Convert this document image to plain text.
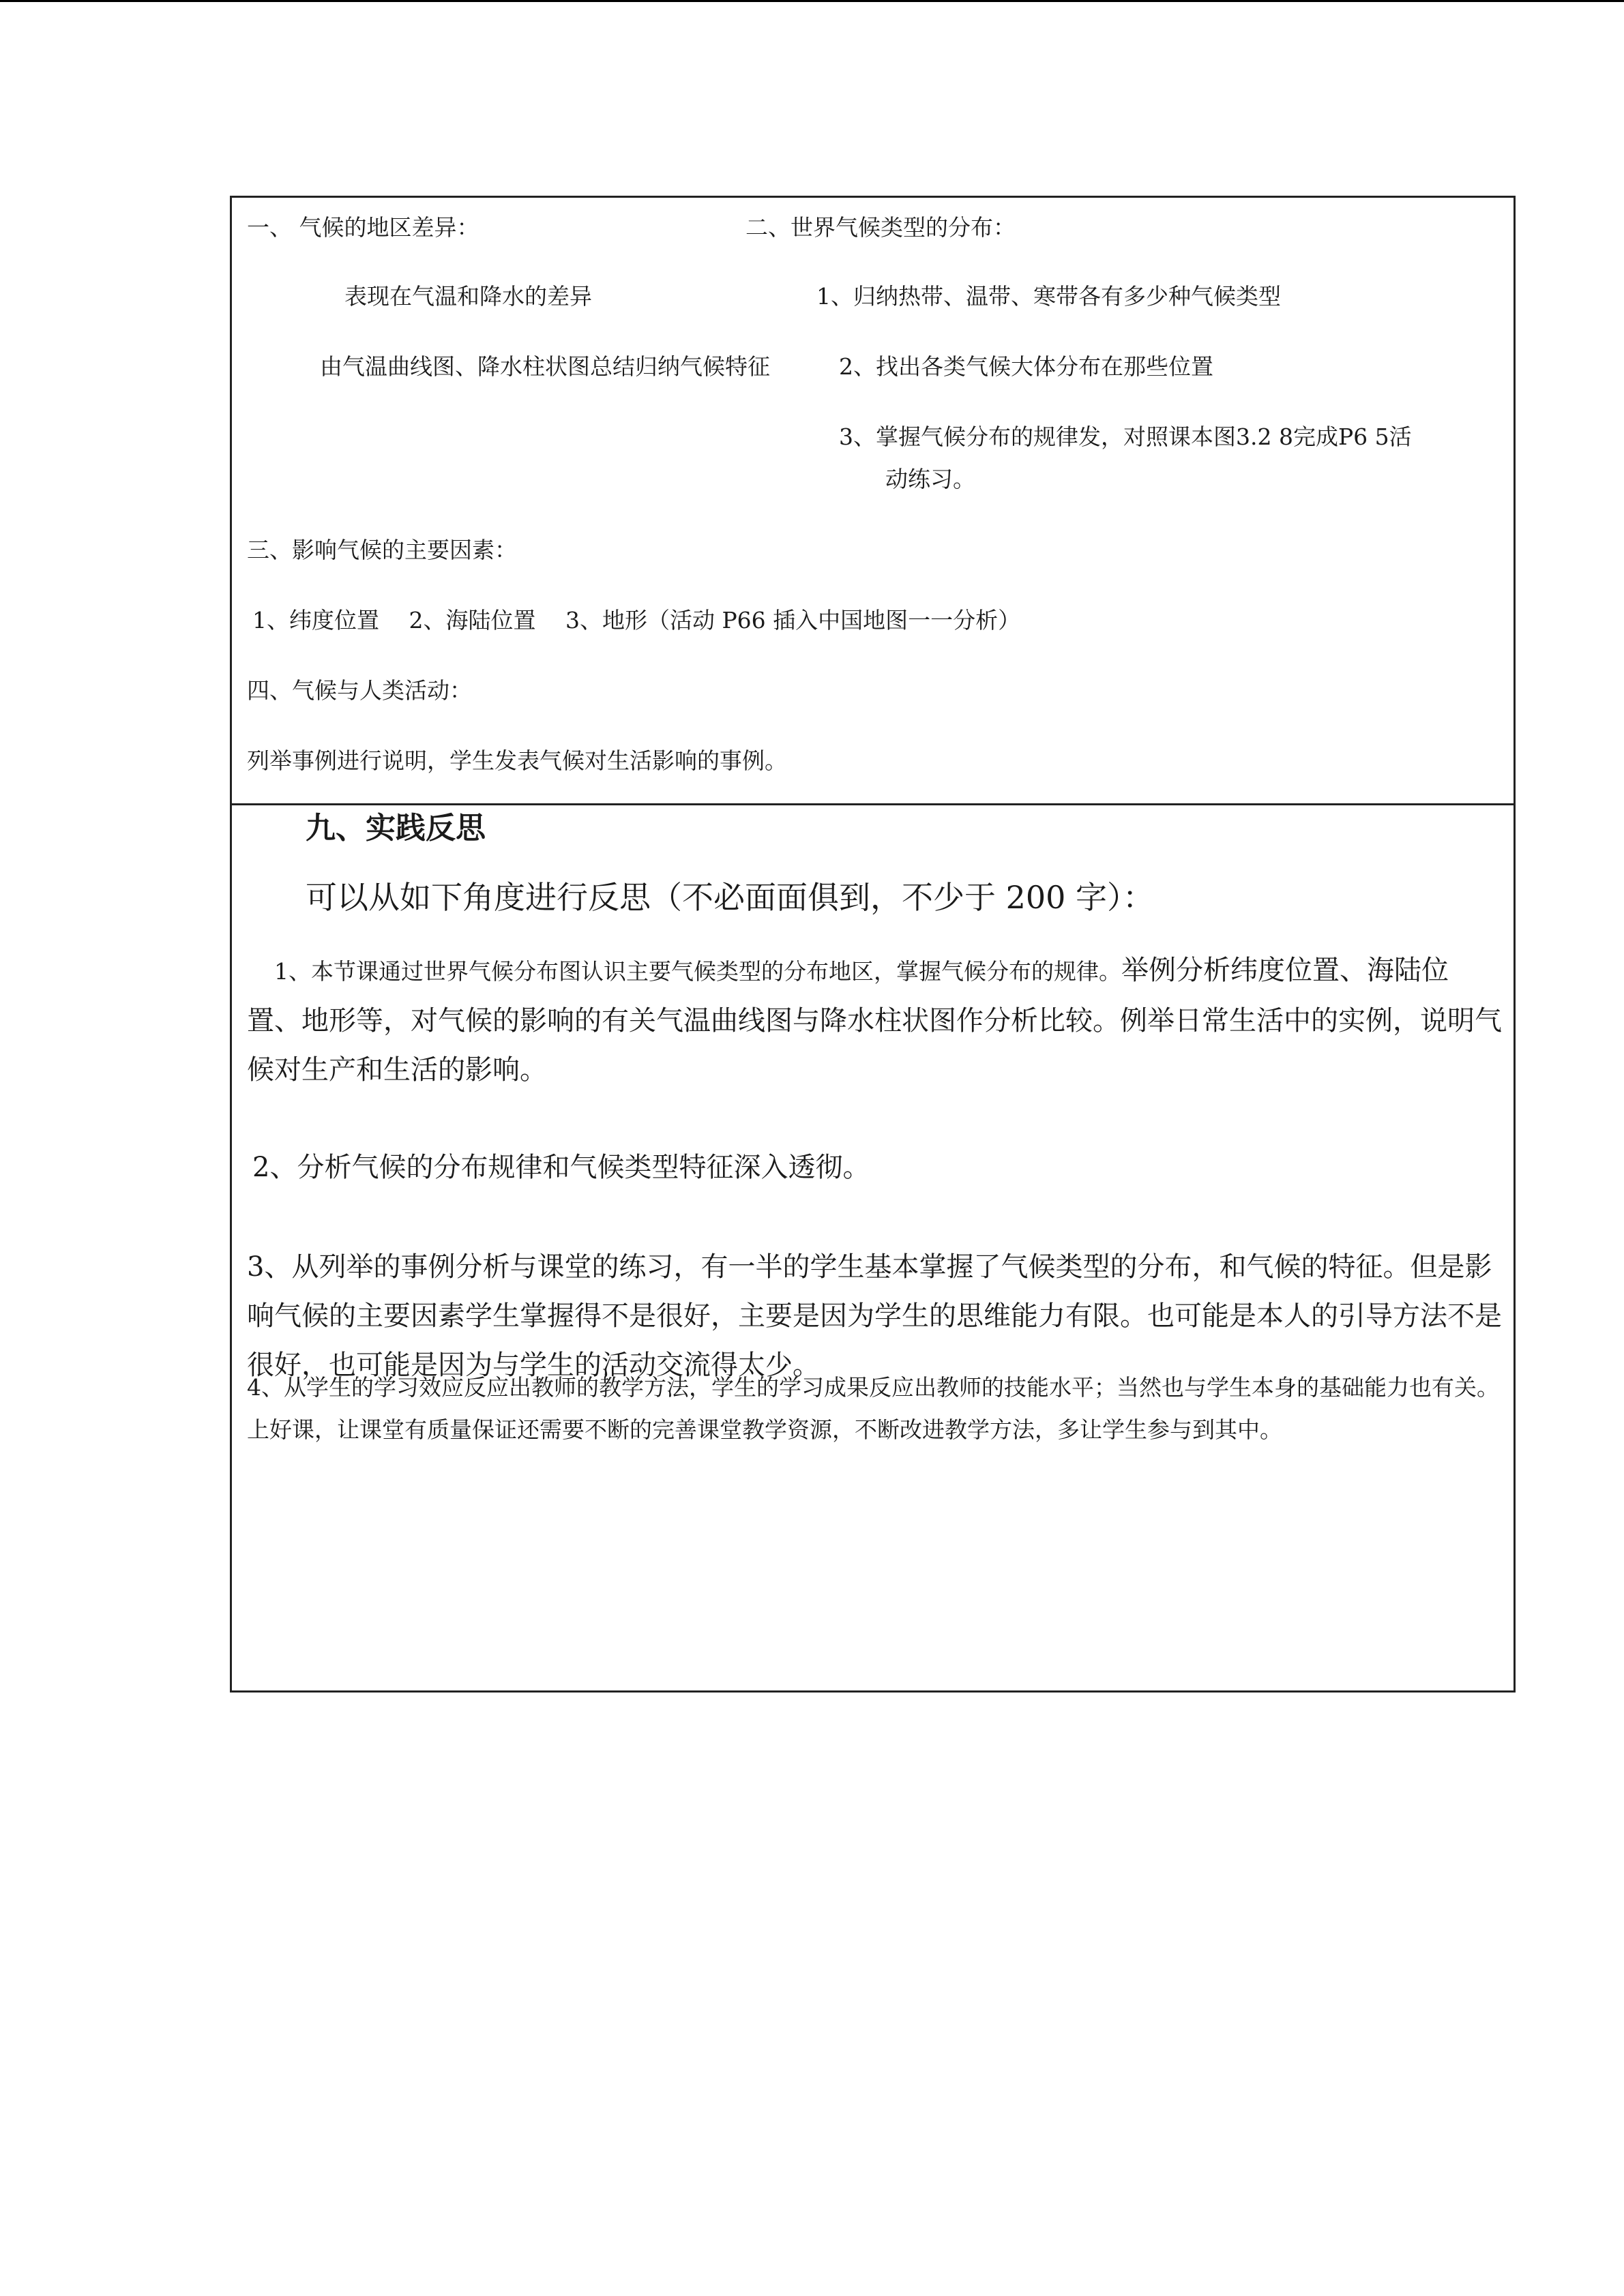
一、 气候的地区差异：	二、世界气候类型的分布：
表现在气温和降水的差异
由气温曲线图、降水柱状图总结归纳气候特征
1、归纳热带、温带、寒带各有多少种气候类型
2、找出各类气候大体分布在那些位置
3、掌握气候分布的规律发，对照课本图3.2 8完成P6 5活
动练习。
三、影响气候的主要因素：
1、纬度位置　 2、海陆位置　 3、地形（活动 P66 插入中国地图一一分析）
四、气候与人类活动：
列举事例进行说明，学生发表气候对生活影响的事例。
九、实践反思
可以从如下角度进行反思（不必面面俱到，不少于 200 字）：
1、本节课通过世界气候分布图认识主要气候类型的分布地区，掌握气候分布的规律。举例分析纬度位置、海陆位置、地形等，对气候的影响的有关气温曲线图与降水柱状图作分析比较。例举日常生活中的实例，说明气候对生产和生活的影响。
2、分析气候的分布规律和气候类型特征深入透彻。
3、从列举的事例分析与课堂的练习，有一半的学生基本掌握了气候类型的分布，和气候的特征。但是影响气候的主要因素学生掌握得不是很好，主要是因为学生的思维能力有限。也可能是本人的引导方法不是很好，也可能是因为与学生的活动交流得太少。
4、从学生的学习效应反应出教师的教学方法，学生的学习成果反应出教师的技能水平；当然也与学生本身的基础能力也有关。上好课，让课堂有质量保证还需要不断的完善课堂教学资源，不断改进教学方法，多让学生参与到其中。
